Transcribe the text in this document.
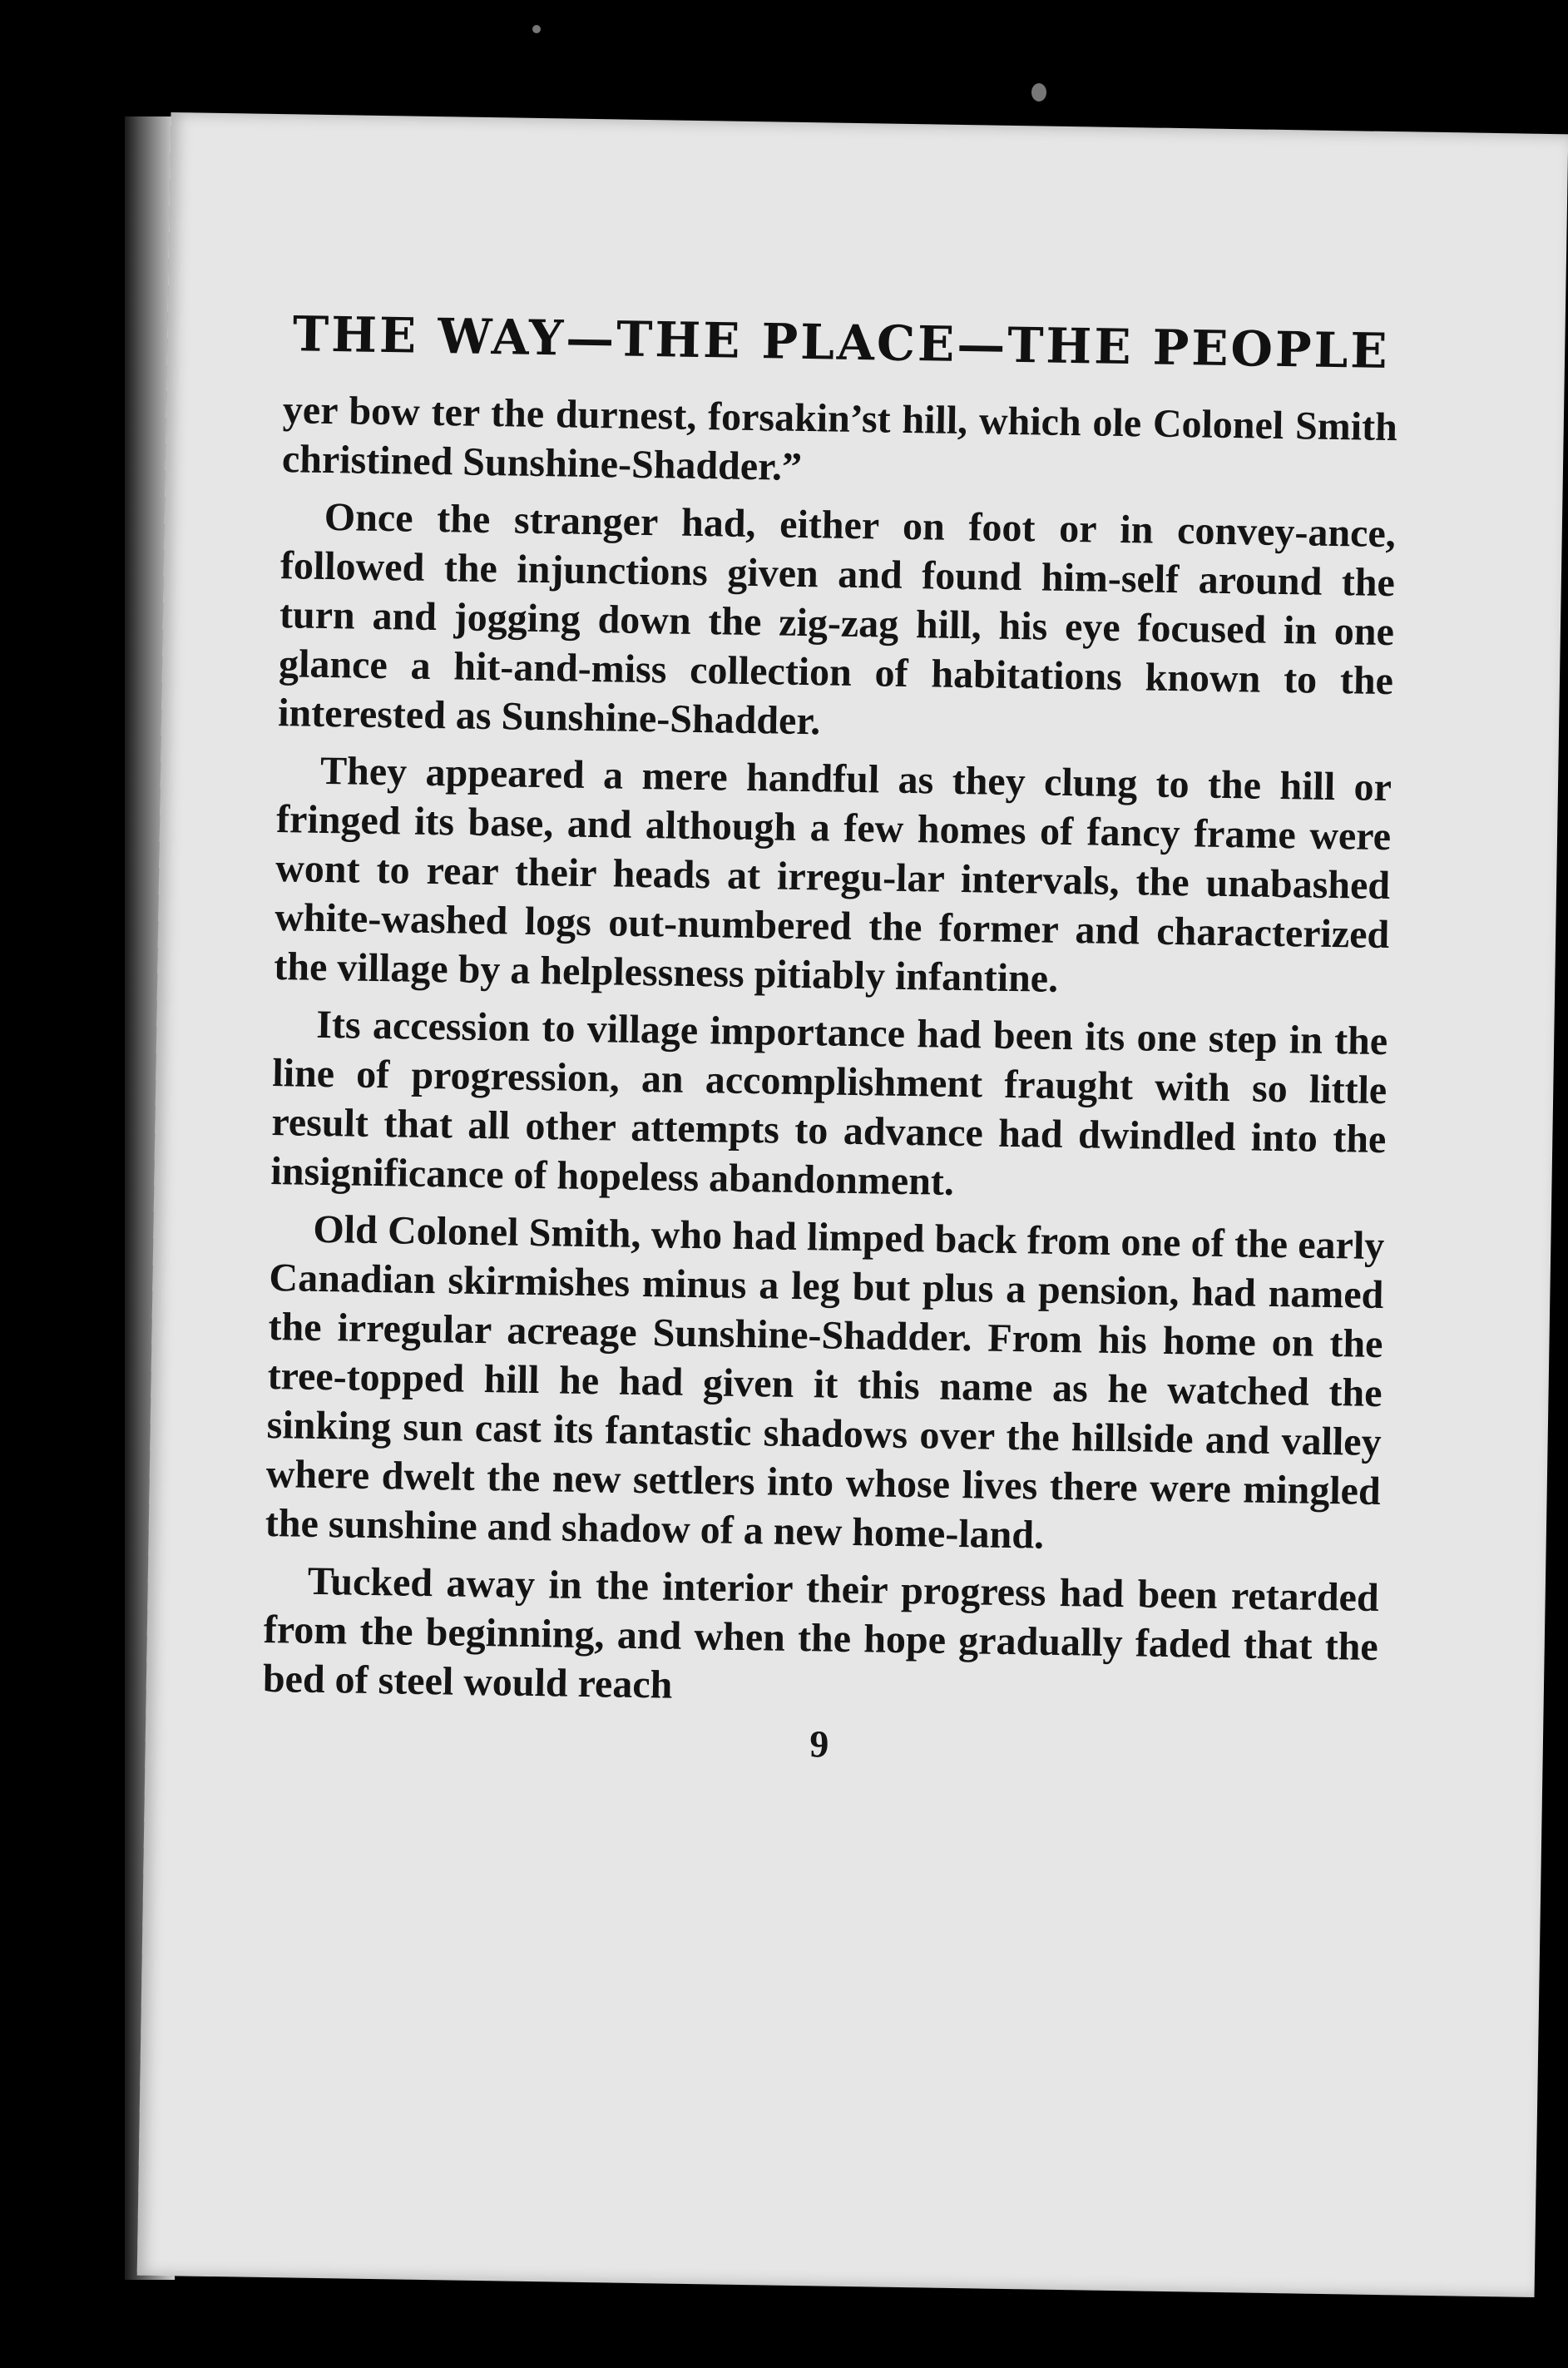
THE WAY—THE PLACE—THE PEOPLE

yer bow ter the durnest, forsakin’st hill, which ole Colonel Smith christined Sunshine-Shadder.”

Once the stranger had, either on foot or in convey-ance, followed the injunctions given and found him-self around the turn and jogging down the zig-zag hill, his eye focused in one glance a hit-and-miss collection of habitations known to the interested as Sunshine-Shadder.

They appeared a mere handful as they clung to the hill or fringed its base, and although a few homes of fancy frame were wont to rear their heads at irregu-lar intervals, the unabashed white-washed logs out-numbered the former and characterized the village by a helplessness pitiably infantine.

Its accession to village importance had been its one step in the line of progression, an accomplishment fraught with so little result that all other attempts to advance had dwindled into the insignificance of hopeless abandonment.

Old Colonel Smith, who had limped back from one of the early Canadian skirmishes minus a leg but plus a pension, had named the irregular acreage Sunshine-Shadder. From his home on the tree-topped hill he had given it this name as he watched the sinking sun cast its fantastic shadows over the hillside and valley where dwelt the new settlers into whose lives there were mingled the sunshine and shadow of a new home-land.

Tucked away in the interior their progress had been retarded from the beginning, and when the hope gradually faded that the bed of steel would reach

9
